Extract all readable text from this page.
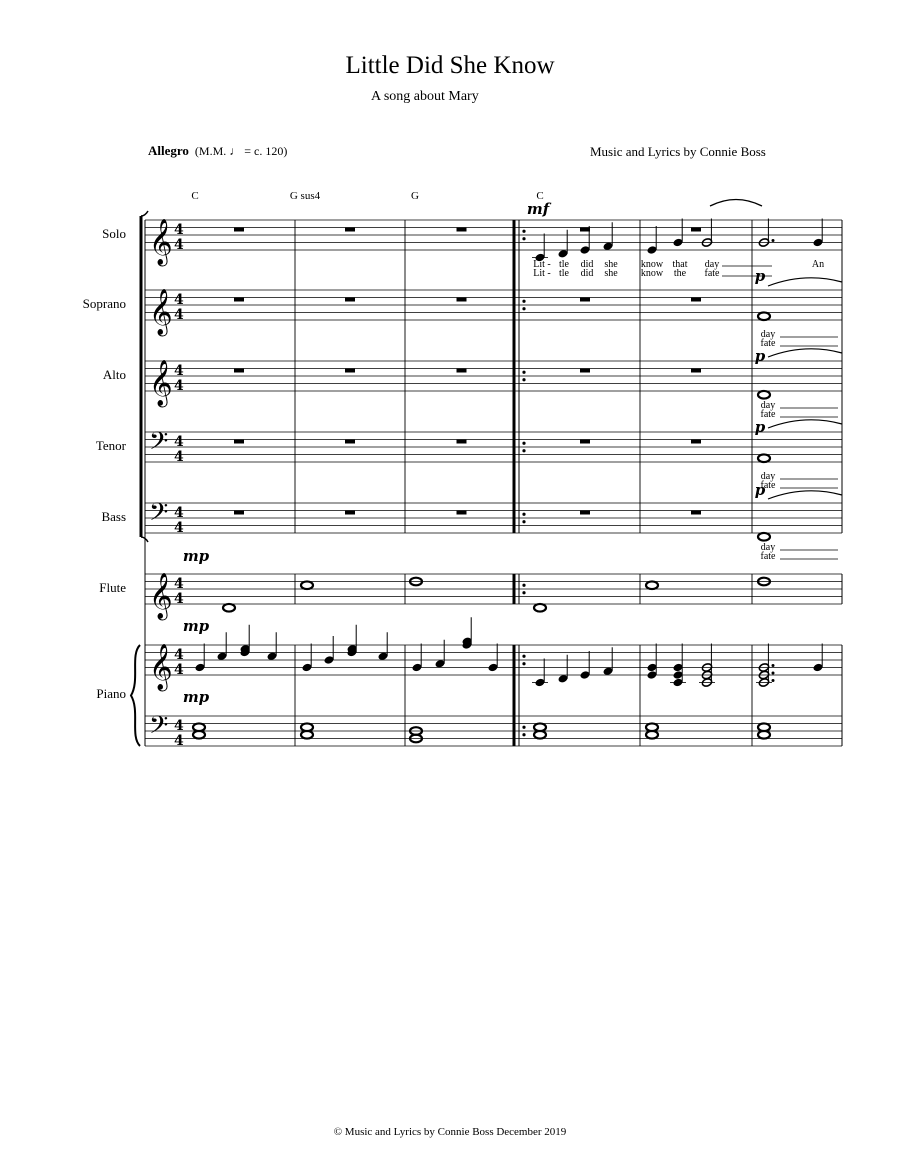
Little Did She Know
A song about Mary
Allegro (M.M. ♩ = c. 120)	Music and Lyrics by Connie Boss
Solo
Soprano
Alto
Tenor
Bass
Flute
Piano
𝄞 4
4
𝄞 4
4
𝄞 4
4
𝄢 4
4
𝄢 4
4
𝄞 4
4
𝄞 4
4
𝄢 4
4
C	G sus4	G	C
mf
p
p
p
p
mp
mp
mp
Lit - tle did she know that day	An
Lit - tle did she know the fate
day
fate
day
fate
day
fate
day
fate
© Music and Lyrics by Connie Boss December 2019
